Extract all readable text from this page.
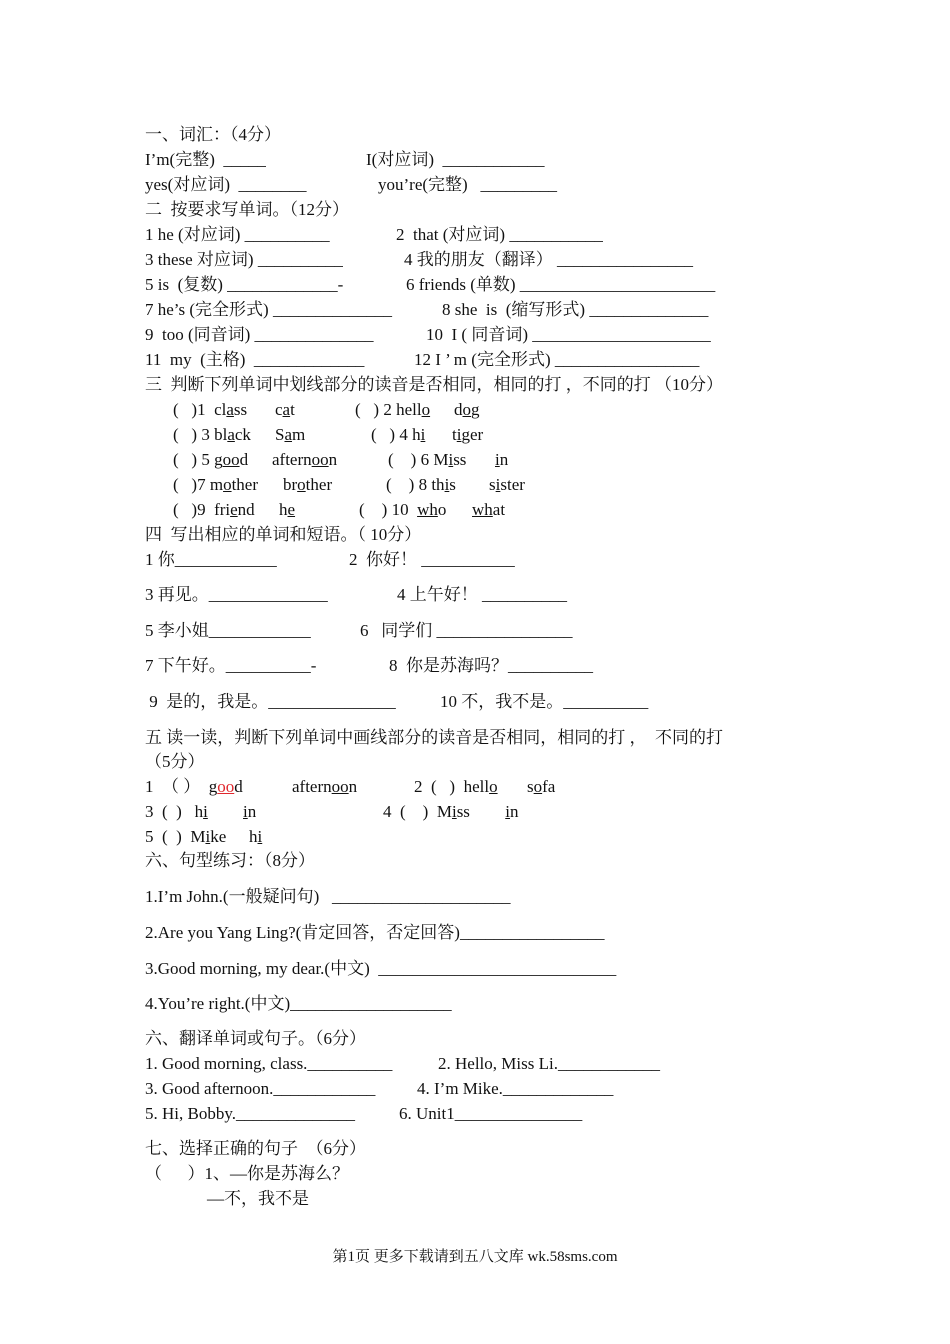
一、词汇：（4分）
I’m(完整)  _____	I(对应词)  ____________
yes(对应词)  ________	you’re(完整)   _________
二  按要求写单词。（12分）
1 he (对应词) __________	2  that (对应词) ___________
3 these 对应词) __________	4 我的朋友（翻译） ________________
5 is  (复数) _____________-	6 friends (单数) _______________________
7 he’s (完全形式) ______________	8 she  is  (缩写形式) ______________
9  too (同音词) ______________	10  I ( 同音词) _____________________
11  my  (主格)  _____________	12 I ’ m (完全形式) _________________
三  判断下列单词中划线部分的读音是否相同，相同的打 ，不同的打 （10分）
(   )1  class cat	(   ) 2 hello dog
(   ) 3 black Sam	(   ) 4 hi tiger
(   ) 5 good afternoon	(    ) 6 Miss in
(   )7 mother brother	(    ) 8 this sister
(   )9  friend he	(    ) 10  who what
四  写出相应的单词和短语。（ 10分）
1 你____________	2  你好！ ___________
3 再见。______________	4 上午好！ __________
5 李小姐____________	6   同学们 ________________
7 下午好。__________-	8  你是苏海吗？__________
9  是的，我是。_______________	10 不，我不是。__________
五 读一读，判断下列单词中画线部分的读音是否相同，相同的打 ，  不同的打
（5分）
1  （ ）  good	afternoon	2  (   )  hello sofa
3  (  )   hi in	4  (    )  Miss in
5  (  )  Mike hi
六、句型练习：（8分）
1.I’m John.(一般疑问句)   _____________________
2.Are you Yang Ling?(肯定回答，否定回答)_________________
3.Good morning, my dear.(中文)  ____________________________
4.You’re right.(中文)___________________
六、翻译单词或句子。（6分）
1. Good morning, class.__________	2. Hello, Miss Li.____________
3. Good afternoon.____________ 4. I’m Mike._____________
5. Hi, Bobby.______________	6. Unit1_______________
七、选择正确的句子  （6分）
（      ）1、—你是苏海么？
—不，我不是
第1页 更多下载请到五八文库 wk.58sms.com
